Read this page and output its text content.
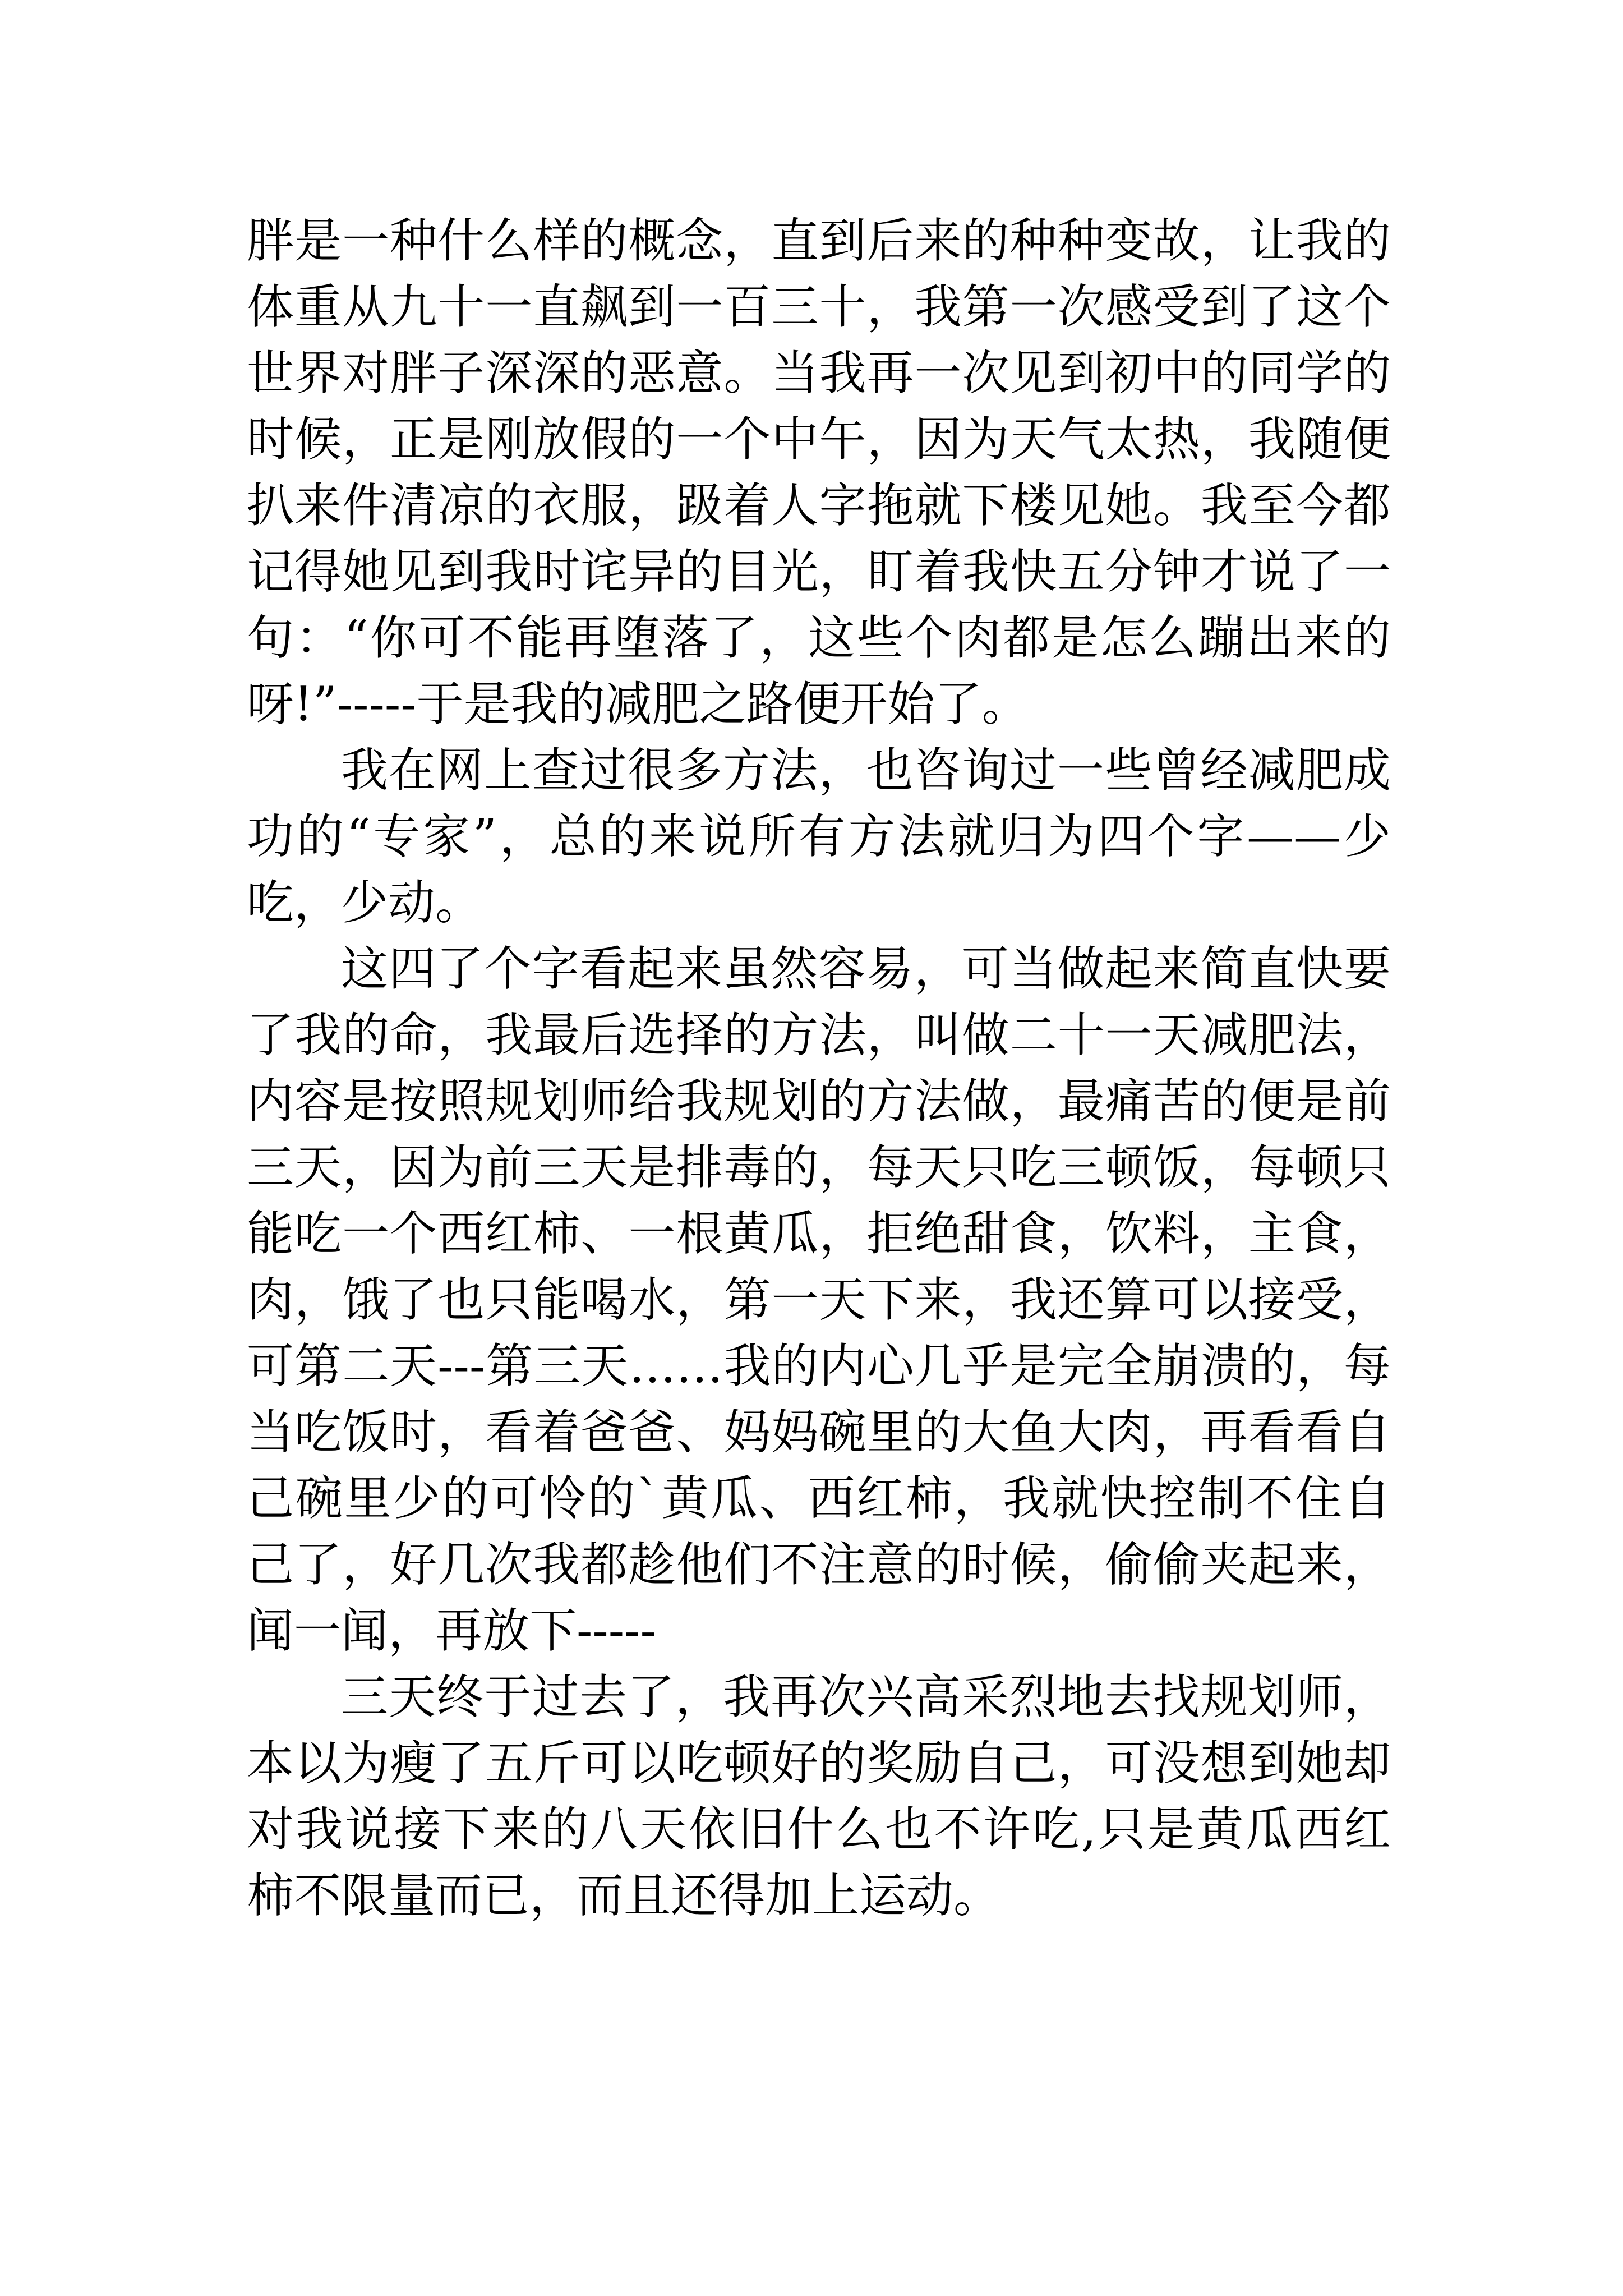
胖是一种什么样的概念，直到后来的种种变故，让我的体重从九十一直飙到一百三十，我第一次感受到了这个世界对胖子深深的恶意。当我再一次见到初中的同学的时候，正是刚放假的一个中午，因为天气太热，我随便扒来件清凉的衣服，趿着人字拖就下楼见她。我至今都记得她见到我时诧异的目光，盯着我快五分钟才说了一句：“你可不能再堕落了，这些个肉都是怎么蹦出来的呀!”-----于是我的减肥之路便开始了。

我在网上查过很多方法，也咨询过一些曾经减肥成功的“专家”，总的来说所有方法就归为四个字——少吃，少动。

这四了个字看起来虽然容易，可当做起来简直快要了我的命，我最后选择的方法，叫做二十一天减肥法，内容是按照规划师给我规划的方法做，最痛苦的便是前三天，因为前三天是排毒的，每天只吃三顿饭，每顿只能吃一个西红柿、一根黄瓜，拒绝甜食，饮料，主食，肉，饿了也只能喝水，第一天下来，我还算可以接受，可第二天---第三天……我的内心几乎是完全崩溃的，每当吃饭时，看着爸爸、妈妈碗里的大鱼大肉，再看看自己碗里少的可怜的`黄瓜、西红柿，我就快控制不住自己了，好几次我都趁他们不注意的时候，偷偷夹起来，闻一闻，再放下-----

三天终于过去了，我再次兴高采烈地去找规划师，本以为瘦了五斤可以吃顿好的奖励自己，可没想到她却对我说接下来的八天依旧什么也不许吃,只是黄瓜西红柿不限量而已，而且还得加上运动。
